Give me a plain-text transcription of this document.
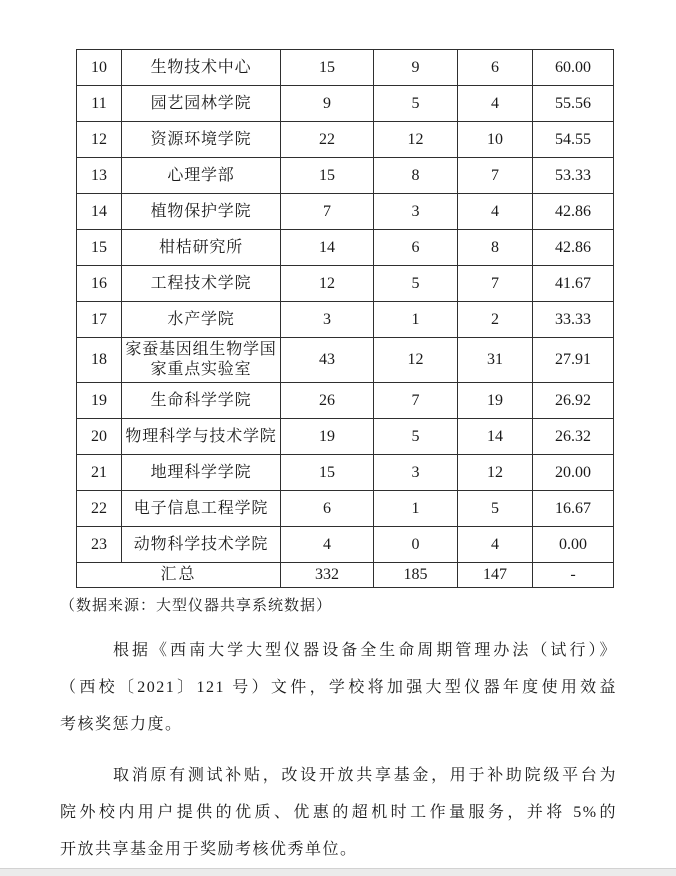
10	生物技术中心	15	9	6	60.00
11	园艺园林学院	9	5	4	55.56
12	资源环境学院	22	12	10	54.55
13	心理学部	15	8	7	53.33
14	植物保护学院	7	3	4	42.86
15	柑桔研究所	14	6	8	42.86
16	工程技术学院	12	5	7	41.67
17	水产学院	3	1	2	33.33
18	家蚕基因组生物学国家重点实验室	43	12	31	27.91
19	生命科学学院	26	7	19	26.92
20	物理科学与技术学院	19	5	14	26.32
21	地理科学学院	15	3	12	20.00
22	电子信息工程学院	6	1	5	16.67
23	动物科学技术学院	4	0	4	0.00
汇总		332	185	147	-
（数据来源：大型仪器共享系统数据）
根据《西南大学大型仪器设备全生命周期管理办法（试行）》
（西校〔2021〕121 号）文件，学校将加强大型仪器年度使用效益
考核奖惩力度。
取消原有测试补贴，改设开放共享基金，用于补助院级平台为
院外校内用户提供的优质、优惠的超机时工作量服务，并将 5%的
开放共享基金用于奖励考核优秀单位。
